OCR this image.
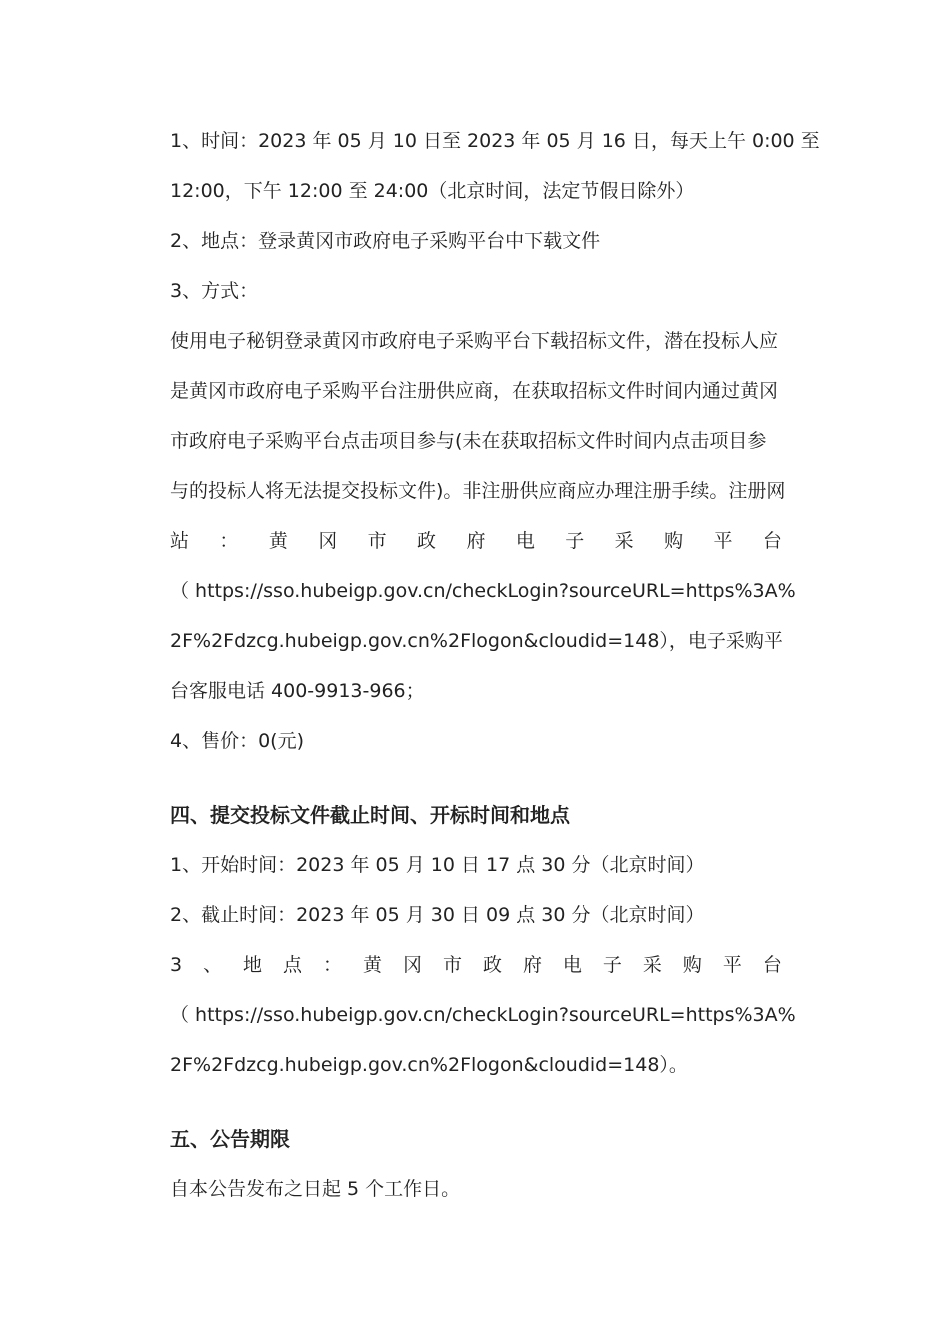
1、时间：2023 年 05 月 10 日至 2023 年 05 月 16 日，每天上午 0:00 至

12:00，下午 12:00 至 24:00（北京时间，法定节假日除外）

2、地点：登录黄冈市政府电子采购平台中下载文件

3、方式：

使用电子秘钥登录黄冈市政府电子采购平台下载招标文件，潜在投标人应

是黄冈市政府电子采购平台注册供应商，在获取招标文件时间内通过黄冈

市政府电子采购平台点击项目参与(未在获取招标文件时间内点击项目参

与的投标人将无法提交投标文件)。非注册供应商应办理注册手续。注册网

站 ： 黄 冈 市 政 府 电 子 采 购 平 台

（ https://sso.hubeigp.gov.cn/checkLogin?sourceURL=https%3A%

2F%2Fdzcg.hubeigp.gov.cn%2Flogon&cloudid=148），电子采购平

台客服电话 400-9913-966；

4、售价：0(元)

四、提交投标文件截止时间、开标时间和地点

1、开始时间：2023 年 05 月 10 日 17 点 30 分（北京时间）

2、截止时间：2023 年 05 月 30 日 09 点 30 分（北京时间）

3 、 地 点 ： 黄 冈 市 政 府 电 子 采 购 平 台

（ https://sso.hubeigp.gov.cn/checkLogin?sourceURL=https%3A%

2F%2Fdzcg.hubeigp.gov.cn%2Flogon&cloudid=148）。

五、公告期限

自本公告发布之日起 5 个工作日。
